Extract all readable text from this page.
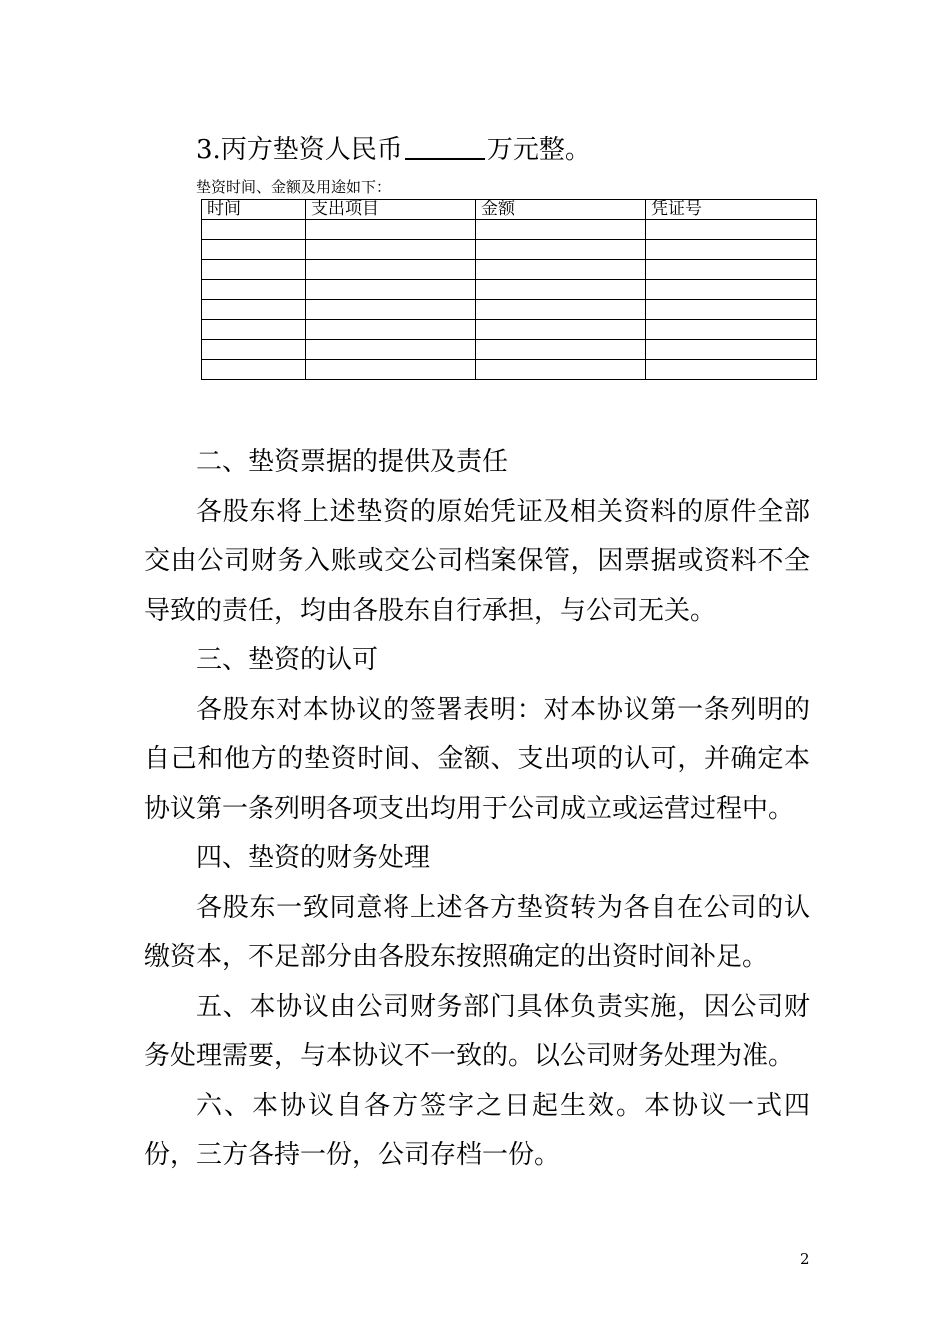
3.丙方垫资人民币	万元整。
垫资时间、金额及用途如下：
时间	支出项目	金额	凭证号

二、垫资票据的提供及责任

各股东将上述垫资的原始凭证及相关资料的原件全部交由公司财务入账或交公司档案保管，因票据或资料不全导致的责任，均由各股东自行承担，与公司无关。

三、垫资的认可

各股东对本协议的签署表明：对本协议第一条列明的自己和他方的垫资时间、金额、支出项的认可，并确定本协议第一条列明各项支出均用于公司成立或运营过程中。

四、垫资的财务处理

各股东一致同意将上述各方垫资转为各自在公司的认缴资本，不足部分由各股东按照确定的出资时间补足。

五、本协议由公司财务部门具体负责实施，因公司财务处理需要，与本协议不一致的。以公司财务处理为准。

六、本协议自各方签字之日起生效。本协议一式四份，三方各持一份，公司存档一份。

2
